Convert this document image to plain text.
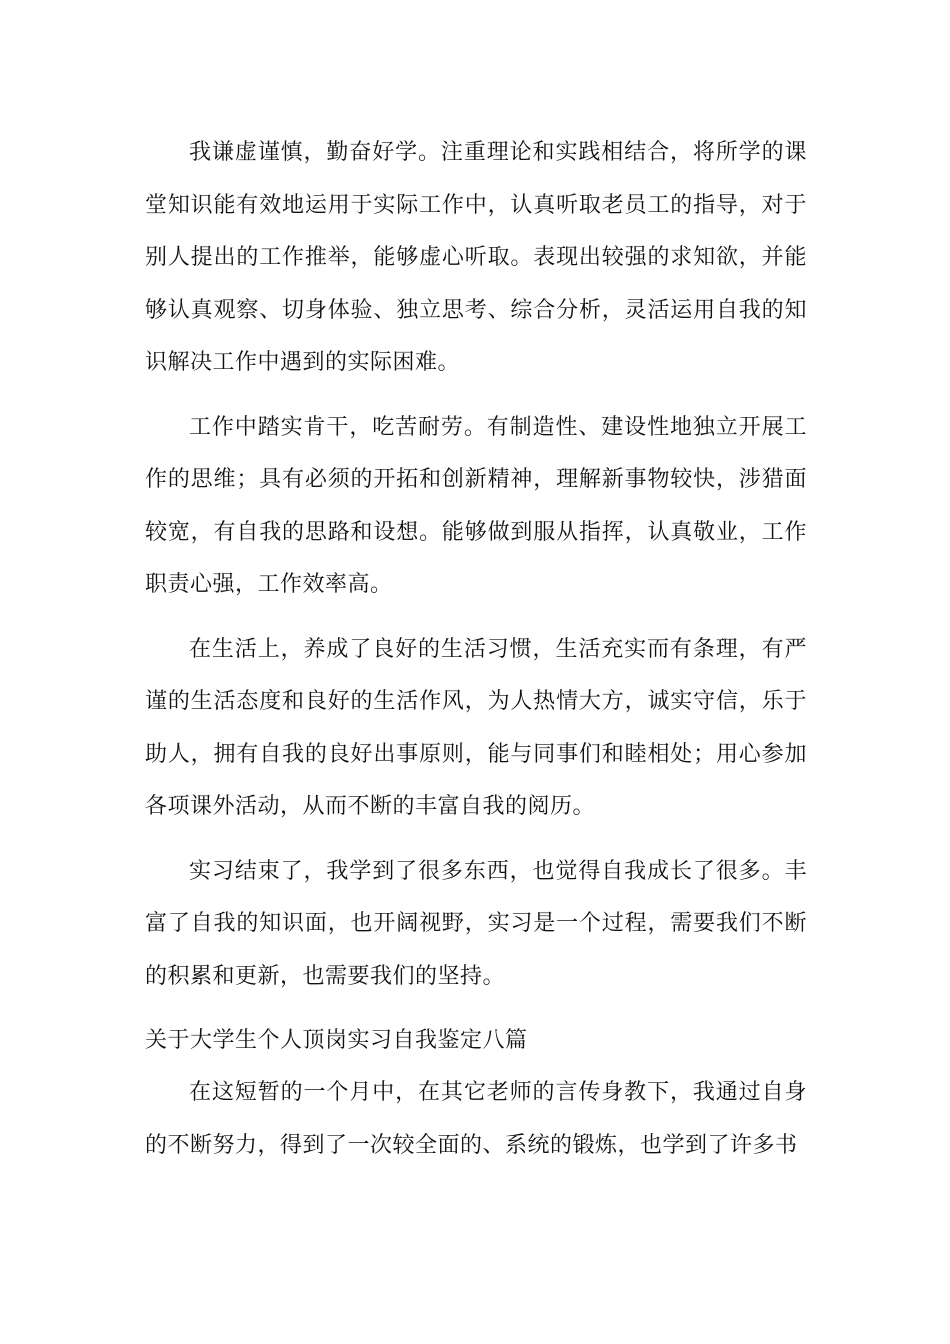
我谦虚谨慎，勤奋好学。注重理论和实践相结合，将所学的课堂知识能有效地运用于实际工作中，认真听取老员工的指导，对于别人提出的工作推举，能够虚心听取。表现出较强的求知欲，并能够认真观察、切身体验、独立思考、综合分析，灵活运用自我的知识解决工作中遇到的实际困难。

工作中踏实肯干，吃苦耐劳。有制造性、建设性地独立开展工作的思维；具有必须的开拓和创新精神，理解新事物较快，涉猎面较宽，有自我的思路和设想。能够做到服从指挥，认真敬业，工作职责心强，工作效率高。

在生活上，养成了良好的生活习惯，生活充实而有条理，有严谨的生活态度和良好的生活作风，为人热情大方，诚实守信，乐于助人，拥有自我的良好出事原则，能与同事们和睦相处；用心参加各项课外活动，从而不断的丰富自我的阅历。

实习结束了，我学到了很多东西，也觉得自我成长了很多。丰富了自我的知识面，也开阔视野，实习是一个过程，需要我们不断的积累和更新，也需要我们的坚持。

关于大学生个人顶岗实习自我鉴定八篇

在这短暂的一个月中，在其它老师的言传身教下，我通过自身的不断努力，得到了一次较全面的、系统的锻炼，也学到了许多书
